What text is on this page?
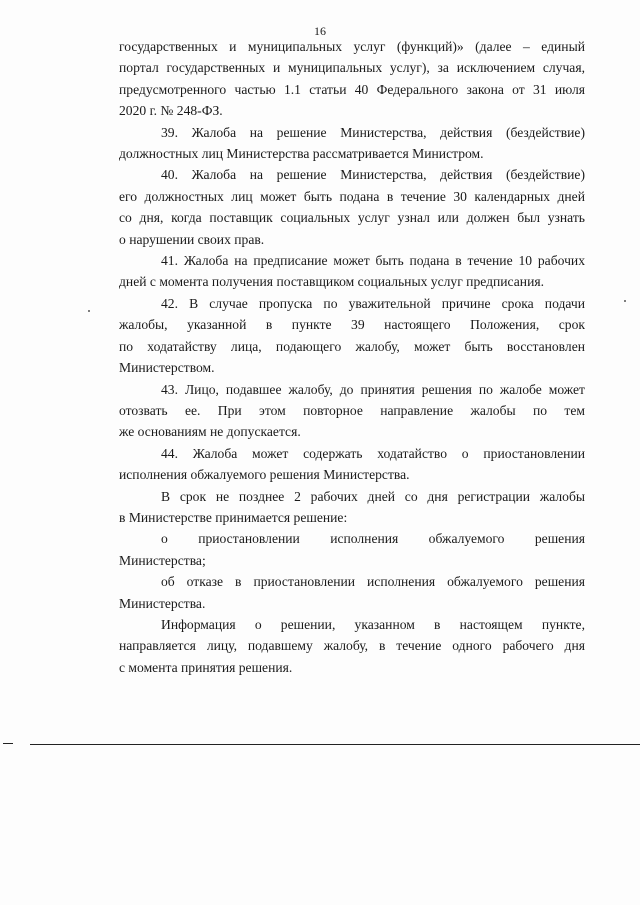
16
государственных и муниципальных услуг (функций)» (далее – единый
портал государственных и муниципальных услуг), за исключением случая,
предусмотренного частью 1.1 статьи 40 Федерального закона от 31 июля
2020 г. № 248-ФЗ.
39. Жалоба на решение Министерства, действия (бездействие)
должностных лиц Министерства рассматривается Министром.
40. Жалоба на решение Министерства, действия (бездействие)
его должностных лиц может быть подана в течение 30 календарных дней
со дня, когда поставщик социальных услуг узнал или должен был узнать
о нарушении своих прав.
41. Жалоба на предписание может быть подана в течение 10 рабочих
дней с момента получения поставщиком социальных услуг предписания.
42. В случае пропуска по уважительной причине срока подачи
жалобы, указанной в пункте 39 настоящего Положения, срок
по ходатайству лица, подающего жалобу, может быть восстановлен
Министерством.
43. Лицо, подавшее жалобу, до принятия решения по жалобе может
отозвать ее. При этом повторное направление жалобы по тем
же основаниям не допускается.
44. Жалоба может содержать ходатайство о приостановлении
исполнения обжалуемого решения Министерства.
В срок не позднее 2 рабочих дней со дня регистрации жалобы
в Министерстве принимается решение:
о приостановлении исполнения обжалуемого решения
Министерства;
об отказе в приостановлении исполнения обжалуемого решения
Министерства.
Информация о решении, указанном в настоящем пункте,
направляется лицу, подавшему жалобу, в течение одного рабочего дня
с момента принятия решения.
